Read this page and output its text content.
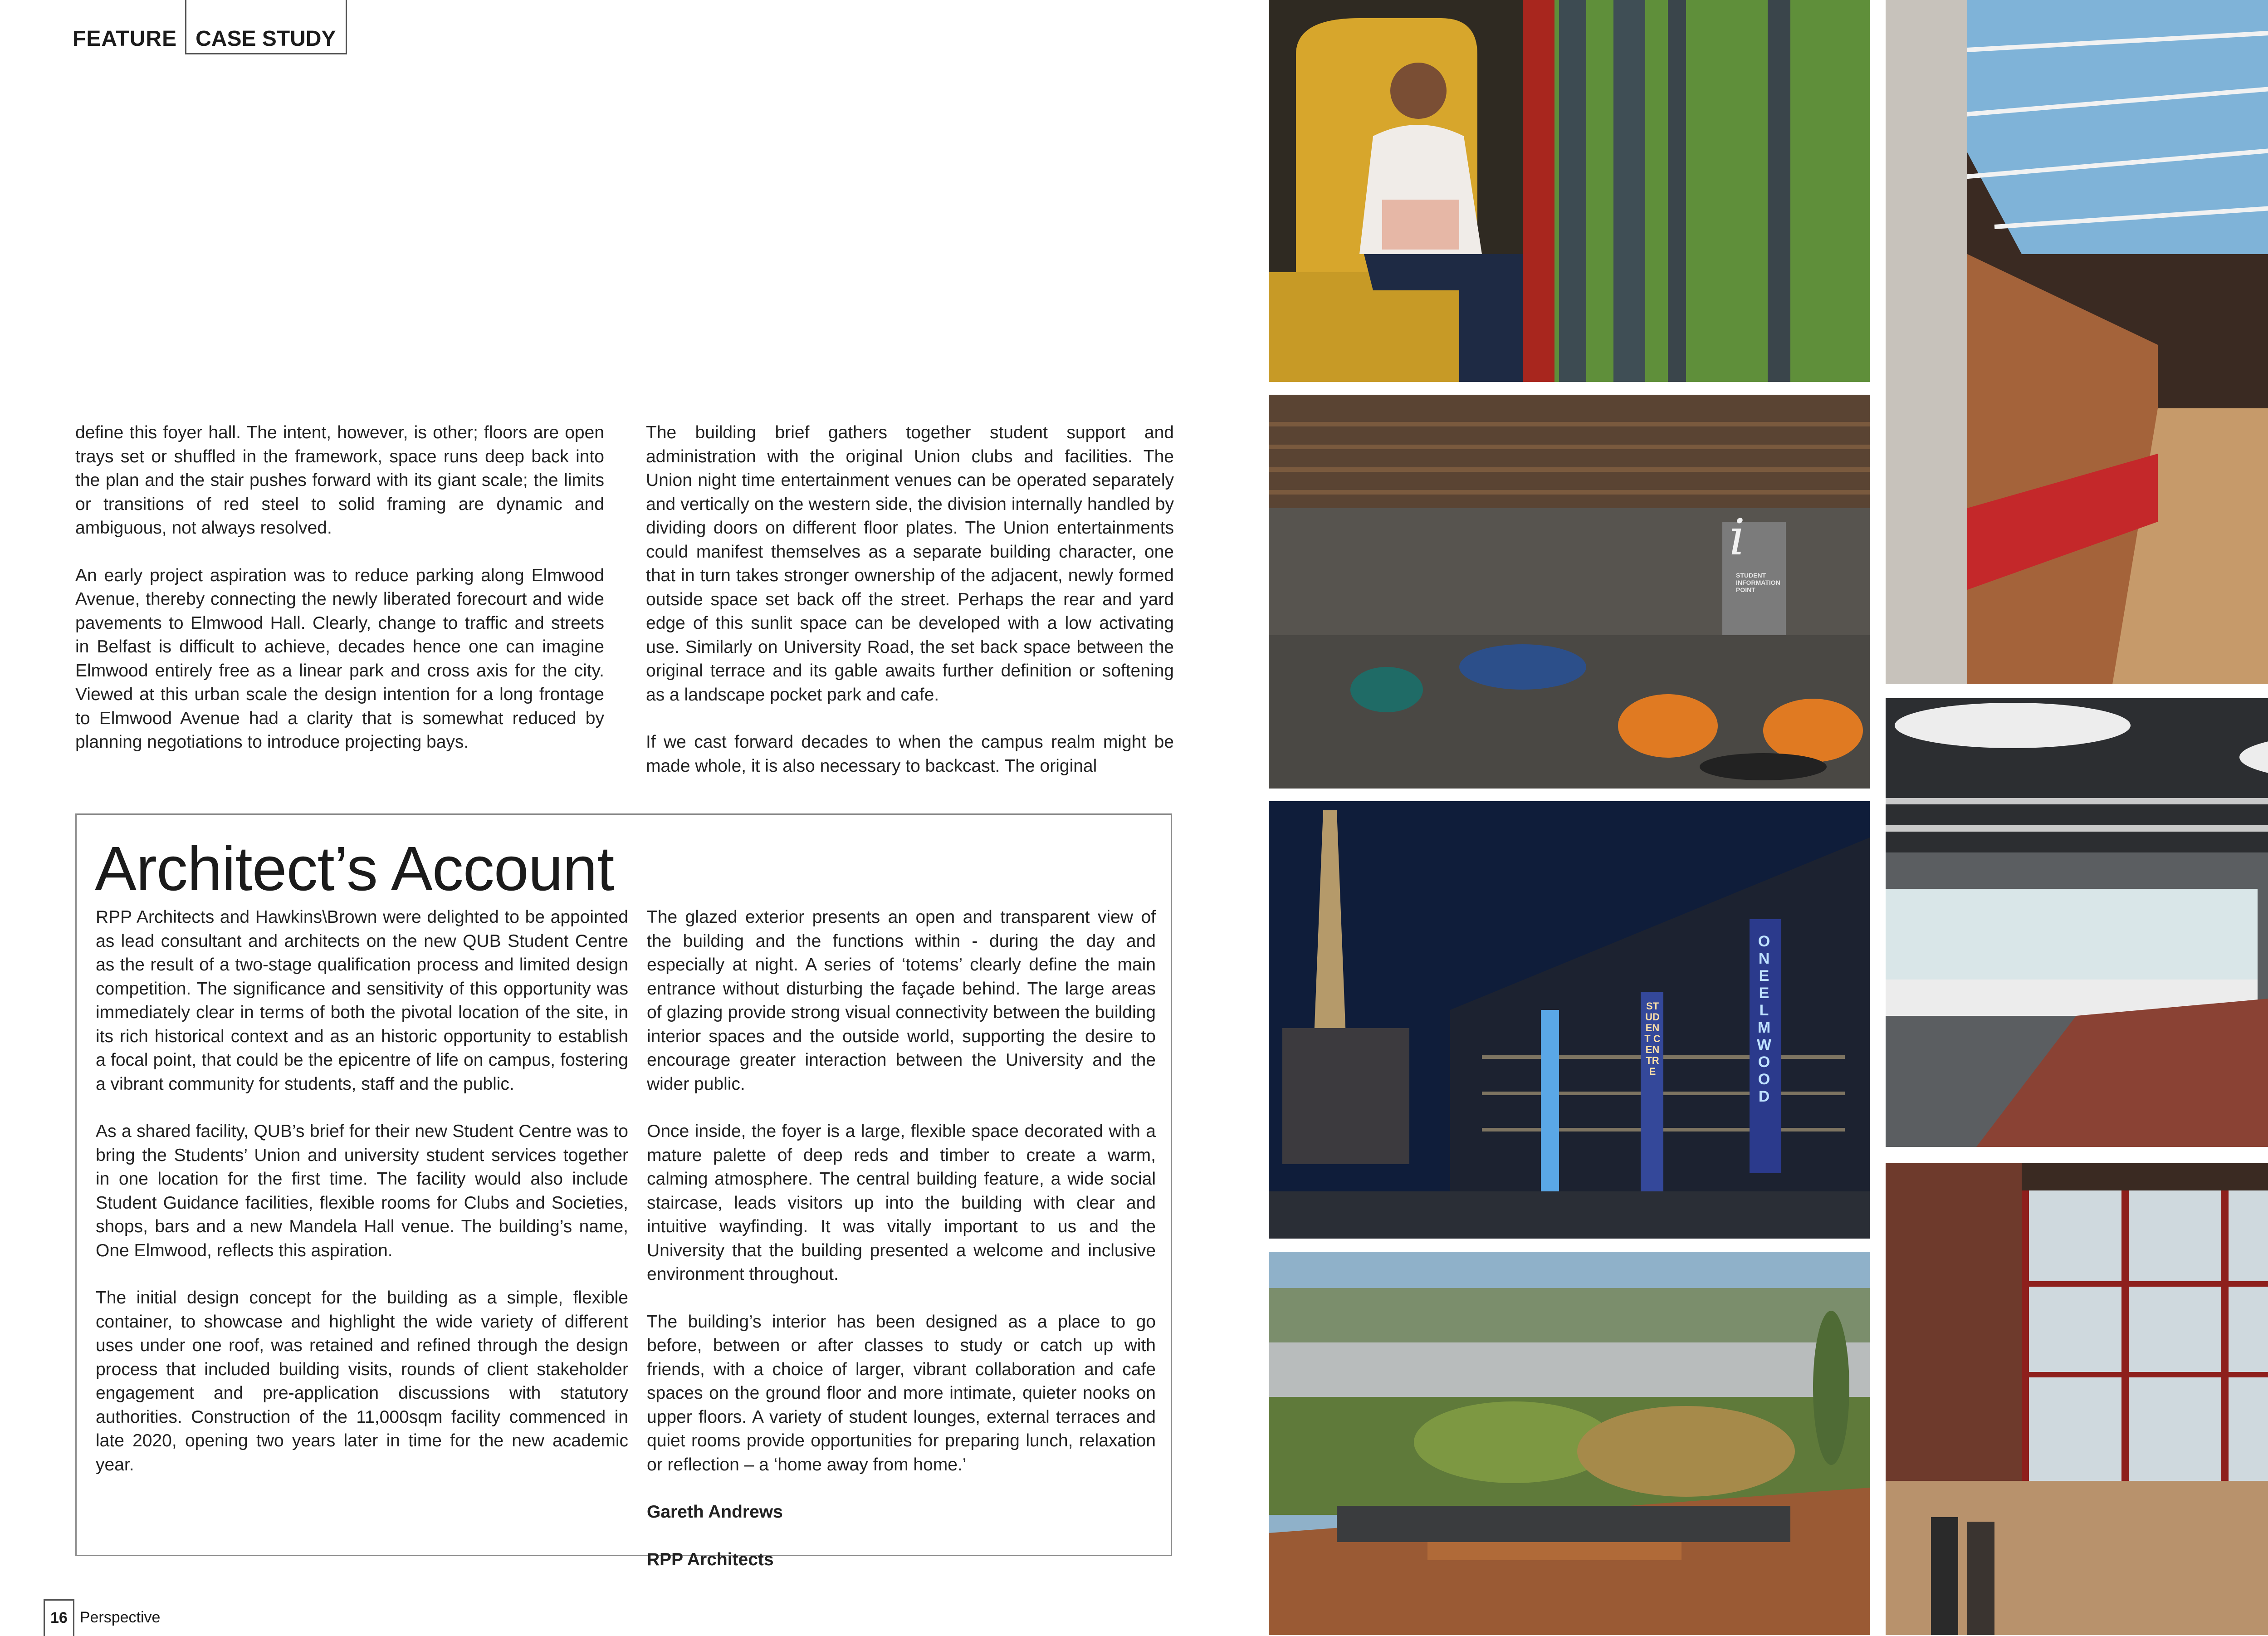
FEATURE CASE STUDY

define this foyer hall. The intent, however, is other; floors are open trays set or shuffled in the framework, space runs deep back into the plan and the stair pushes forward with its giant scale; the limits or transitions of red steel to solid framing are dynamic and ambiguous, not always resolved.

An early project aspiration was to reduce parking along Elmwood Avenue, thereby connecting the newly liberated forecourt and wide pavements to Elmwood Hall. Clearly, change to traffic and streets in Belfast is difficult to achieve, decades hence one can imagine Elmwood entirely free as a linear park and cross axis for the city. Viewed at this urban scale the design intention for a long frontage to Elmwood Avenue had a clarity that is somewhat reduced by planning negotiations to introduce projecting bays.

The building brief gathers together student support and administration with the original Union clubs and facilities. The Union night time entertainment venues can be operated separately and vertically on the western side, the division internally handled by dividing doors on different floor plates. The Union entertainments could manifest themselves as a separate building character, one that in turn takes stronger ownership of the adjacent, newly formed outside space set back off the street. Perhaps the rear and yard edge of this sunlit space can be developed with a low activating use. Similarly on University Road, the set back space between the original terrace and its gable awaits further definition or softening as a landscape pocket park and cafe.

If we cast forward decades to when the campus realm might be made whole, it is also necessary to backcast. The original

Architect’s Account

RPP Architects and Hawkins\Brown were delighted to be appointed as lead consultant and architects on the new QUB Student Centre as the result of a two-stage qualification process and limited design competition. The significance and sensitivity of this opportunity was immediately clear in terms of both the pivotal location of the site, in its rich historical context and as an historic opportunity to establish a focal point, that could be the epicentre of life on campus, fostering a vibrant community for students, staff and the public.

As a shared facility, QUB’s brief for their new Student Centre was to bring the Students’ Union and university student services together in one location for the first time. The facility would also include Student Guidance facilities, flexible rooms for Clubs and Societies, shops, bars and a new Mandela Hall venue. The building’s name, One Elmwood, reflects this aspiration.

The initial design concept for the building as a simple, flexible container, to showcase and highlight the wide variety of different uses under one roof, was retained and refined through the design process that included building visits, rounds of client stakeholder engagement and pre-application discussions with statutory authorities. Construction of the 11,000sqm facility commenced in late 2020, opening two years later in time for the new academic year.

The glazed exterior presents an open and transparent view of the building and the functions within - during the day and especially at night. A series of ‘totems’ clearly define the main entrance without disturbing the façade behind. The large areas of glazing provide strong visual connectivity between the building interior spaces and the outside world, supporting the desire to encourage greater interaction between the University and the wider public.

Once inside, the foyer is a large, flexible space decorated with a mature palette of deep reds and timber to create a warm, calming atmosphere. The central building feature, a wide social staircase, leads visitors up into the building with clear and intuitive wayfinding. It was vitally important to us and the University that the building presented a welcome and inclusive environment throughout.

The building’s interior has been designed as a place to go before, between or after classes to study or catch up with friends, with a choice of larger, vibrant collaboration and cafe spaces on the ground floor and more intimate, quieter nooks on upper floors. A variety of student lounges, external terraces and quiet rooms provide opportunities for preparing lunch, relaxation or reflection – a ‘home away from home.’

Gareth Andrews

RPP Architects

16 Perspective
i
STUDENT INFORMATION POINT
ONE ELMWOOD
STUDENT CENTRE
